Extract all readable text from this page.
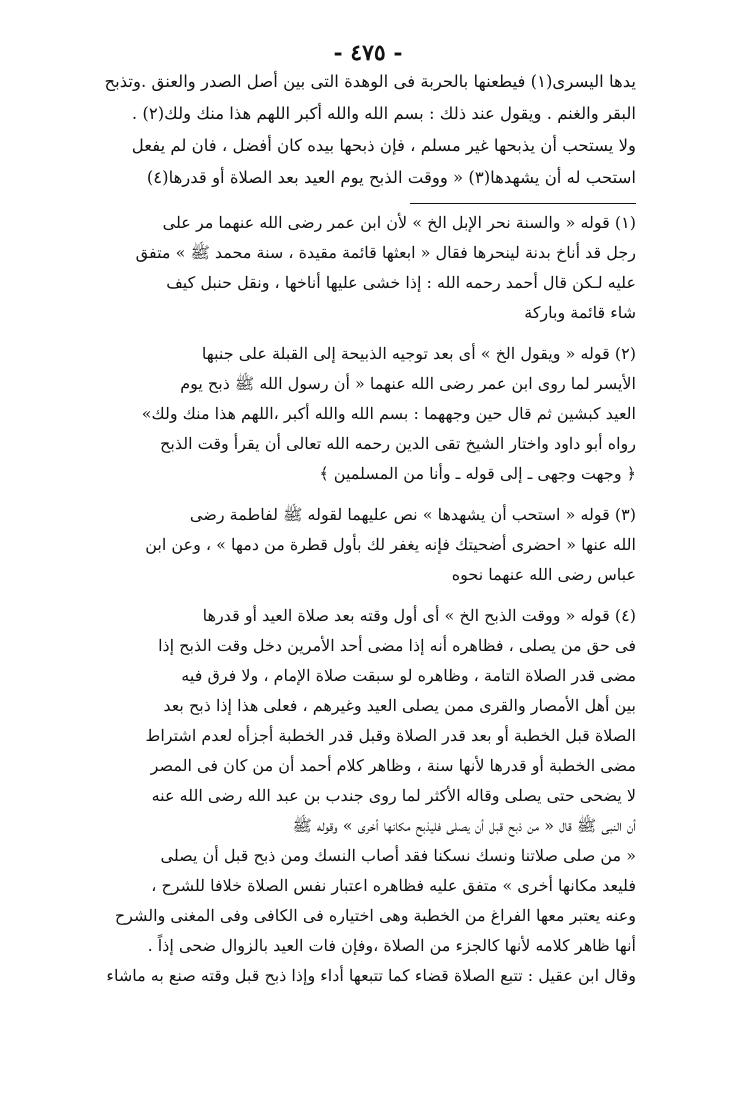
- ٤٧٥ -

يدها اليسرى(١) فيطعنها بالحربة فى الوهدة التى بين أصل الصدر والعنق .وتذبح

البقر والغنم . ويقول عند ذلك : بسم الله والله أكبر اللهم هذا منك ولك(٢) .

ولا يستحب أن يذبحها غير مسلم ، فإن ذبحها بيده كان أفضل ، فان لم يفعل

استحب له أن يشهدها(٣) « ووقت الذبح يوم العيد بعد الصلاة أو قدرها(٤)

(١) قوله « والسنة نحر الإبل الخ » لأن ابن عمر رضى الله عنهما مر على
رجل قد أناخ بدنة لينحرها فقال « ابعثها قائمة مقيدة ، سنة محمد ﷺ » متفق
عليه لـكن قال أحمد رحمه الله : إذا خشى عليها أناخها ، ونقل حنبل كيف
شاء قائمة وباركة
(٢) قوله « ويقول الخ » أى بعد توجيه الذبيحة إلى القبلة على جنبها
الأيسر لما روى ابن عمر رضى الله عنهما « أن رسول الله ﷺ ذبح يوم
العيد كبشين ثم قال حين وجههما : بسم الله والله أكبر ،اللهم هذا منك ولك»
رواه أبو داود واختار الشيخ تقى الدين رحمه الله تعالى أن يقرأ وقت الذبح
﴿ وجهت وجهى ـ إلى قوله ـ وأنا من المسلمين ﴾
(٣) قوله « استحب أن يشهدها » نص عليهما لقوله ﷺ لفاطمة رضى
الله عنها « احضرى أضحيتك فإنه يغفر لك بأول قطرة من دمها » ، وعن ابن
عباس رضى الله عنهما نحوه
(٤) قوله « ووقت الذبح الخ » أى أول وقته بعد صلاة العيد أو قدرها
فى حق من يصلى ، فظاهره أنه إذا مضى أحد الأمرين دخل وقت الذبح إذا
مضى قدر الصلاة التامة ، وظاهره لو سبقت صلاة الإمام ، ولا فرق فيه
بين أهل الأمصار والقرى ممن يصلى العيد وغيرهم ، فعلى هذا إذا ذبح بعد
الصلاة قبل الخطبة أو بعد قدر الصلاة وقبل قدر الخطبة أجزأه لعدم اشتراط
مضى الخطبة أو قدرها لأنها سنة ، وظاهر كلام أحمد أن من كان فى المصر
لا يضحى حتى يصلى وقاله الأكثر لما روى جندب بن عبد الله رضى الله عنه
أن النبى ﷺ قال « من ذبح قبل أن يصلى فليذبح مكانها أخرى » وقوله ﷺ
« من صلى صلاتنا ونسك نسكنا فقد أصاب النسك ومن ذبح قبل أن يصلى
فليعد مكانها أخرى » متفق عليه فظاهره اعتبار نفس الصلاة خلافا للشرح ،
وعنه يعتبر معها الفراغ من الخطبة وهى اختياره فى الكافى وفى المغنى والشرح
أنها ظاهر كلامه لأنها كالجزء من الصلاة ،وفإن فات العيد بالزوال ضحى إذاً .
وقال ابن عقيل : تتبع الصلاة قضاء كما تتبعها أداء وإذا ذبح قبل وقته صنع به ماشاء
